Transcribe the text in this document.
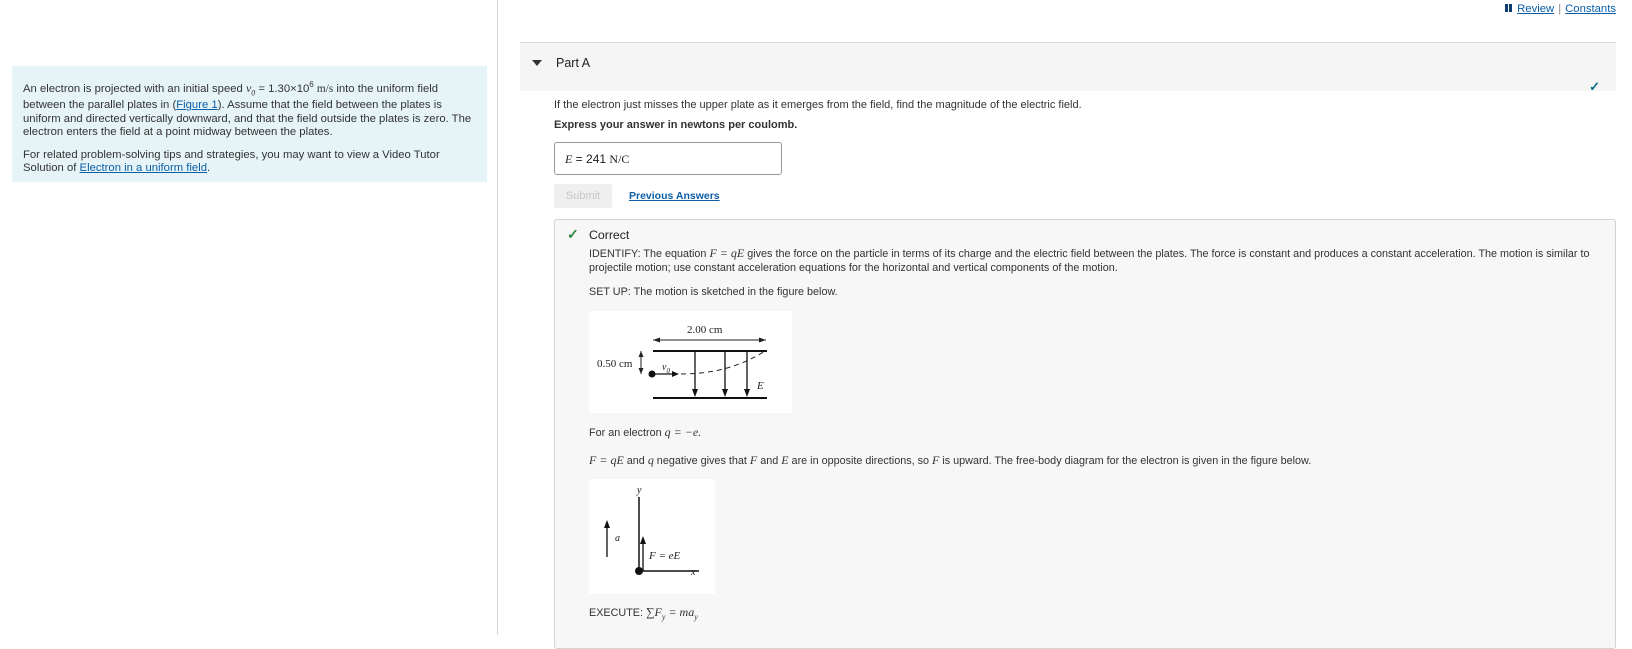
An electron is projected with an initial speed $v_0 = 1.30\times 10^6$ m/s into the uniform field between the parallel plates in (Figure 1). Assume that the field between the plates is uniform and directed vertically downward, and that the field outside the plates is zero. The electron enters the field at a point midway between the plates.

For related problem-solving tips and strategies, you may want to view a Video Tutor Solution of Electron in a uniform field.

Review | Constants
Part A
✓
If the electron just misses the upper plate as it emerges from the field, find the magnitude of the electric field.
Express your answer in newtons per coulomb.
E = 241 N/C
Submit	Previous Answers
✓ Correct
IDENTIFY: The equation F = qE gives the force on the particle in terms of its charge and the electric field between the plates. The force is constant and produces a constant acceleration. The motion is similar to projectile motion; use constant acceleration equations for the horizontal and vertical components of the motion.
SET UP: The motion is sketched in the figure below.
2.00 cm
0.50 cm	$v_0$
E
For an electron q = −e.
F = qE and q negative gives that F and E are in opposite directions, so F is upward. The free-body diagram for the electron is given in the figure below.
y
x
F = eE
a
EXECUTE: $\sum F_y = ma_y$
